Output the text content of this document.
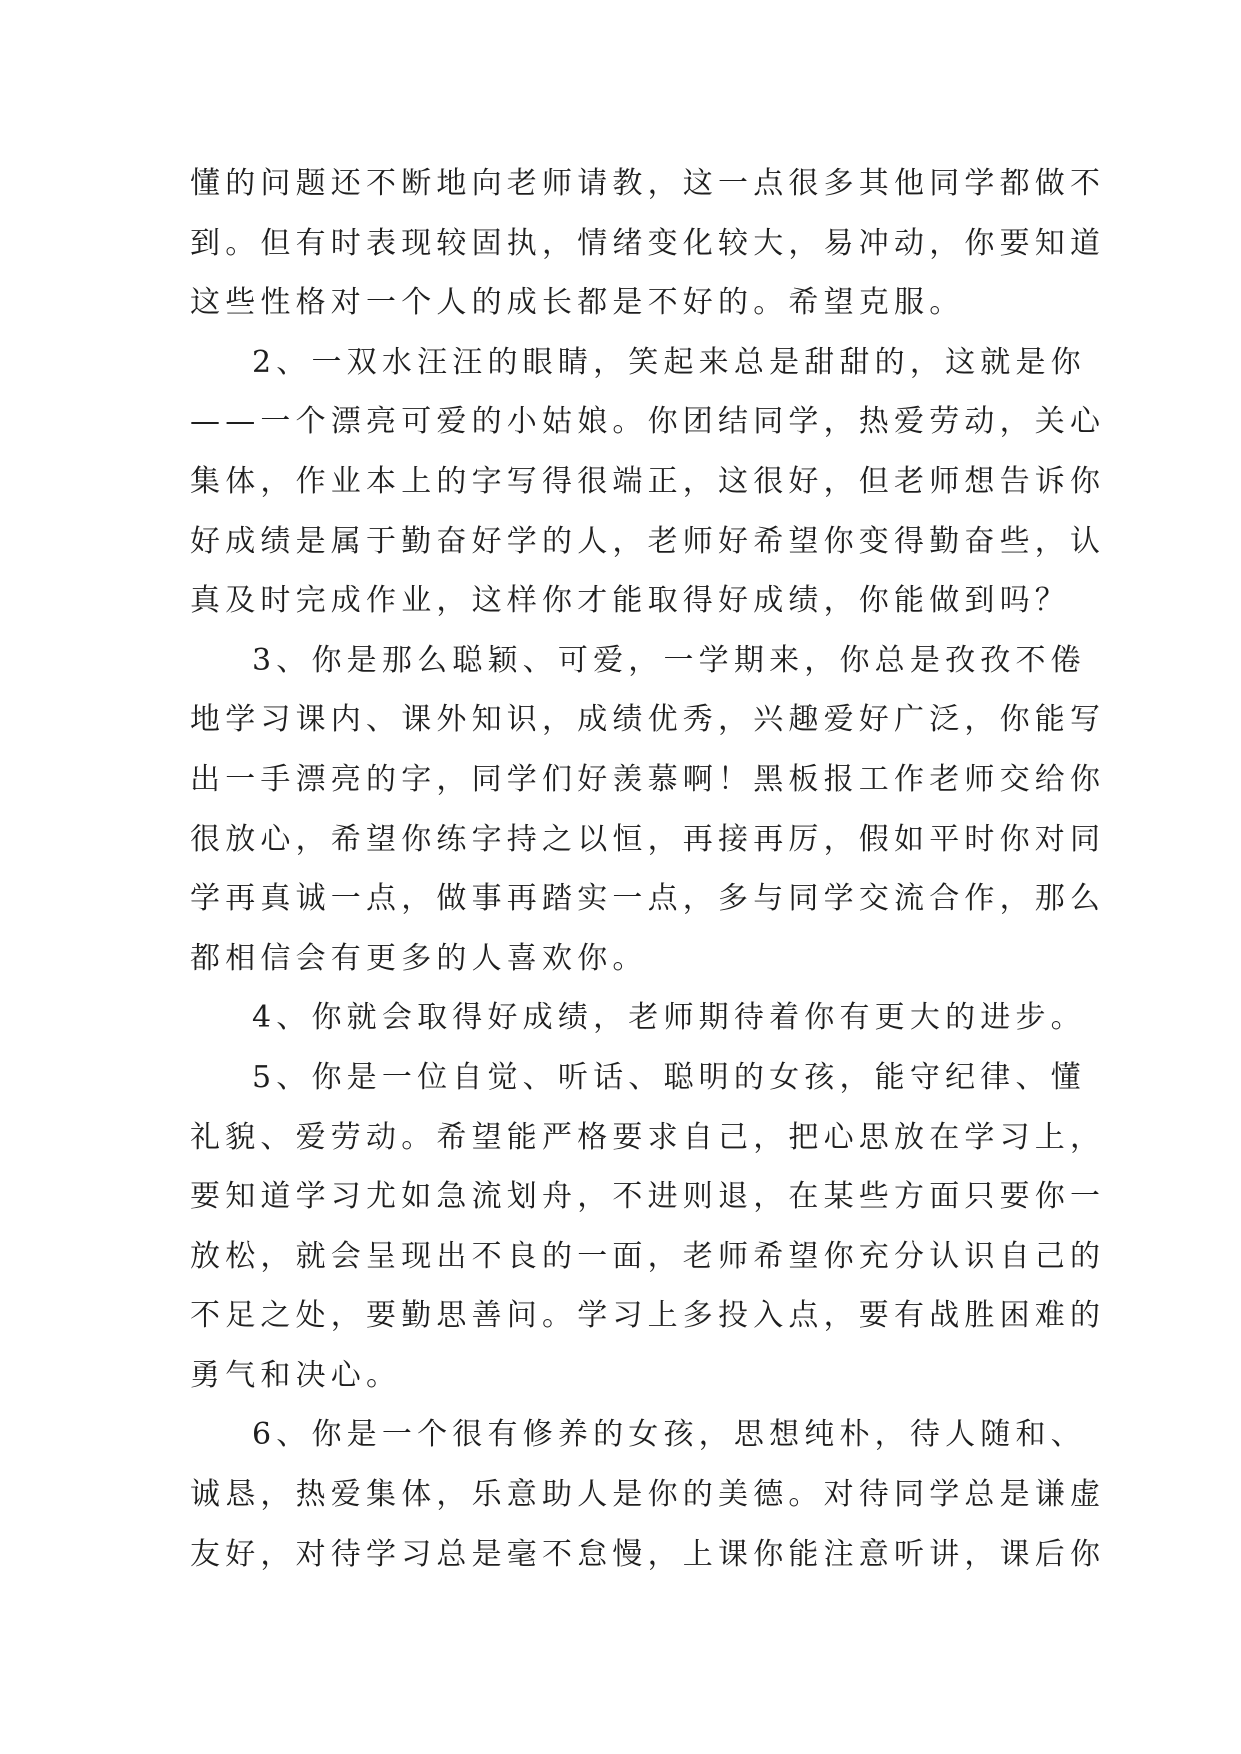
懂的问题还不断地向老师请教，这一点很多其他同学都做不
到。但有时表现较固执，情绪变化较大，易冲动，你要知道
这些性格对一个人的成长都是不好的。希望克服。
2、一双水汪汪的眼睛，笑起来总是甜甜的，这就是你
——一个漂亮可爱的小姑娘。你团结同学，热爱劳动，关心
集体，作业本上的字写得很端正，这很好，但老师想告诉你
好成绩是属于勤奋好学的人，老师好希望你变得勤奋些，认
真及时完成作业，这样你才能取得好成绩，你能做到吗？
3、你是那么聪颖、可爱，一学期来，你总是孜孜不倦
地学习课内、课外知识，成绩优秀，兴趣爱好广泛，你能写
出一手漂亮的字，同学们好羡慕啊！黑板报工作老师交给你
很放心，希望你练字持之以恒，再接再厉，假如平时你对同
学再真诚一点，做事再踏实一点，多与同学交流合作，那么
都相信会有更多的人喜欢你。
4、你就会取得好成绩，老师期待着你有更大的进步。
5、你是一位自觉、听话、聪明的女孩，能守纪律、懂
礼貌、爱劳动。希望能严格要求自己，把心思放在学习上，
要知道学习尤如急流划舟，不进则退，在某些方面只要你一
放松，就会呈现出不良的一面，老师希望你充分认识自己的
不足之处，要勤思善问。学习上多投入点，要有战胜困难的
勇气和决心。
6、你是一个很有修养的女孩，思想纯朴，待人随和、
诚恳，热爱集体，乐意助人是你的美德。对待同学总是谦虚
友好，对待学习总是毫不怠慢，上课你能注意听讲，课后你
